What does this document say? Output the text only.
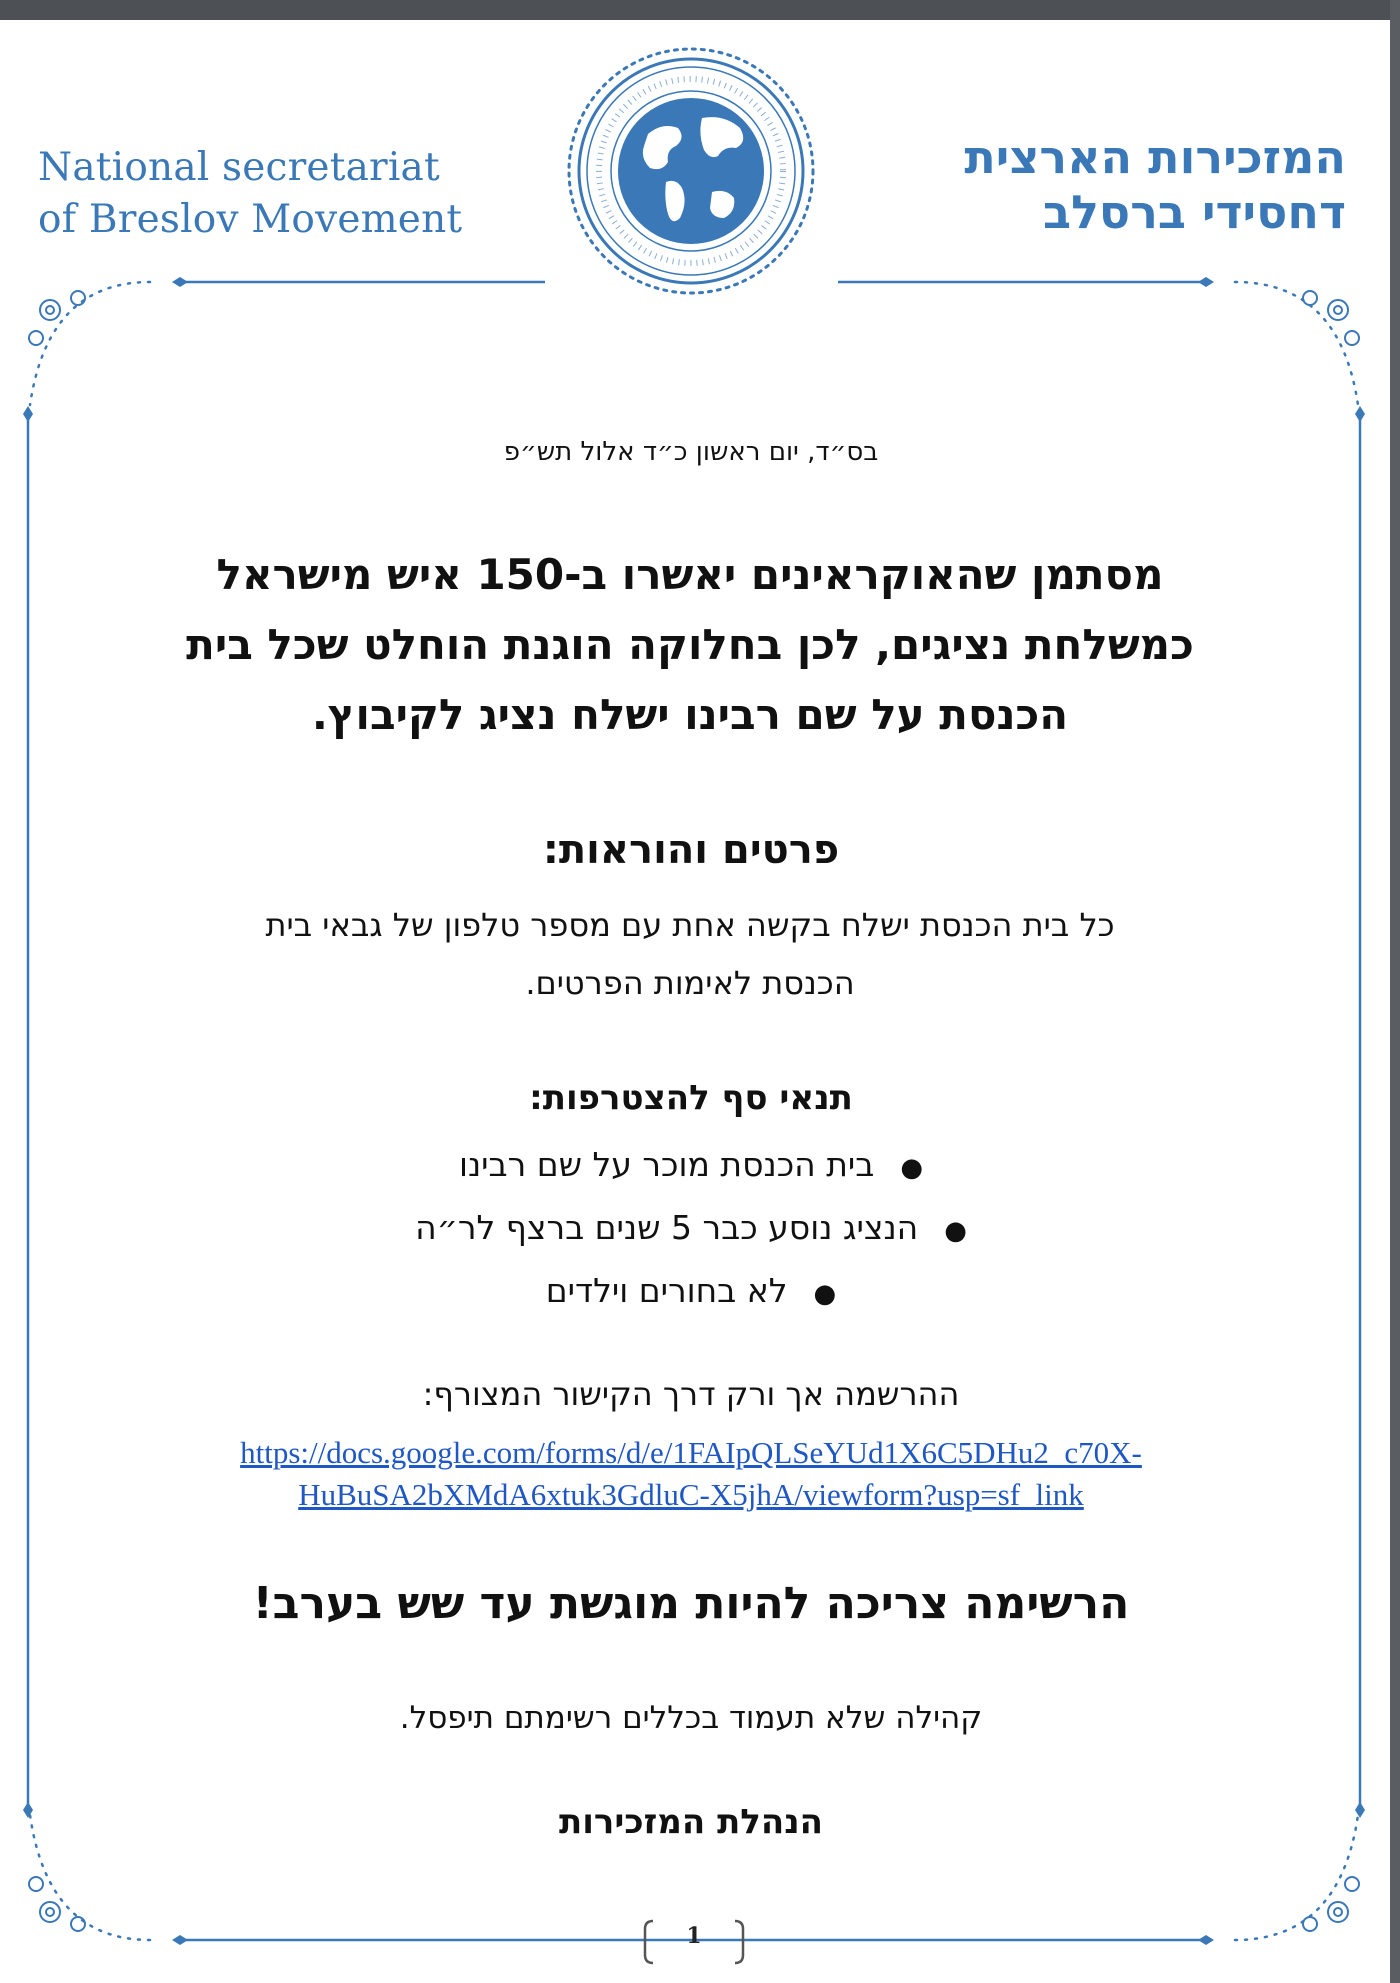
National secretariat
of Breslov Movement
המזכירות הארצית
דחסידי ברסלב
בס״ד, יום ראשון כ״ד אלול תש״פ
מסתמן שהאוקראינים יאשרו ב-150 איש מישראל
כמשלחת נציגים, לכן בחלוקה הוגנת הוחלט שכל בית
הכנסת על שם רבינו ישלח נציג לקיבוץ.
פרטים והוראות:
כל בית הכנסת ישלח בקשה אחת עם מספר טלפון של גבאי בית
הכנסת לאימות הפרטים.
תנאי סף להצטרפות:
●בית הכנסת מוכר על שם רבינו
●הנציג נוסע כבר 5 שנים ברצף לר״ה
●לא בחורים וילדים
ההרשמה אך ורק דרך הקישור המצורף:
https://docs.google.com/forms/d/e/1FAIpQLSeYUd1X6C5DHu2_c70X-
HuBuSA2bXMdA6xtuk3GdluC-X5jhA/viewform?usp=sf_link
הרשימה צריכה להיות מוגשת עד שש בערב!
קהילה שלא תעמוד בכללים רשימתם תיפסל.
הנהלת המזכירות
1
